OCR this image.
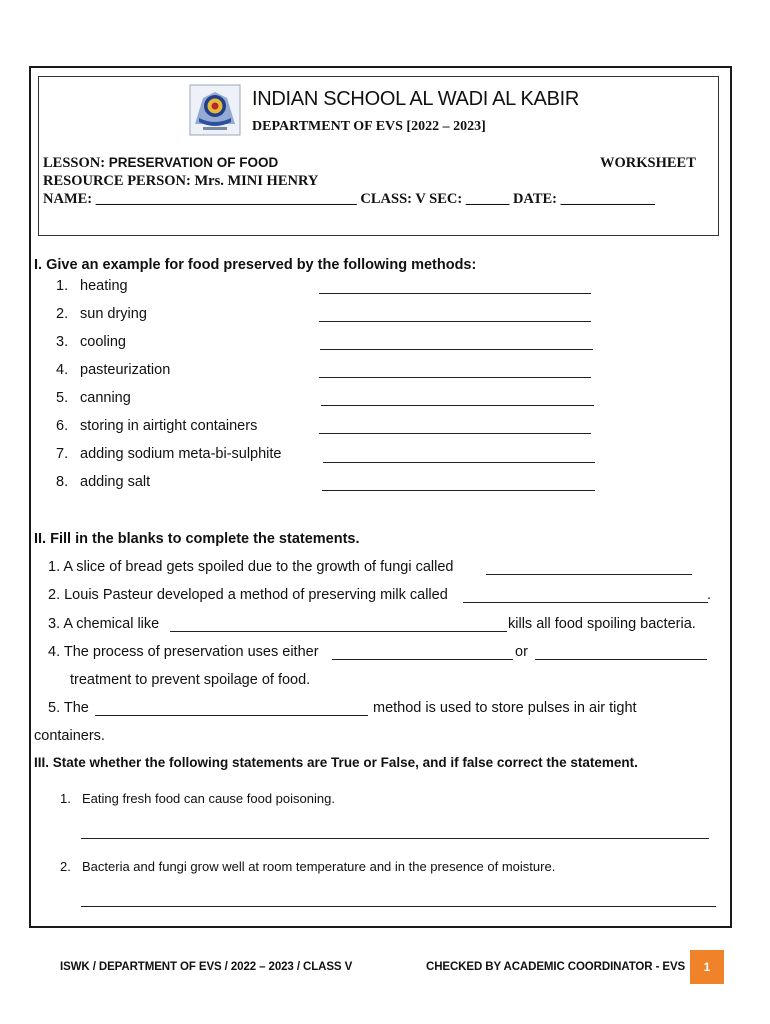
INDIAN SCHOOL AL WADI AL KABIR
DEPARTMENT OF EVS [2022 – 2023]
LESSON: PRESERVATION OF FOOD	WORKSHEET
RESOURCE PERSON: Mrs. MINI HENRY
NAME: ____________________________________ CLASS: V SEC: ______ DATE: _____________
I. Give an example for food preserved by the following methods:
1. heating
2. sun drying
3. cooling
4. pasteurization
5. canning
6. storing in airtight containers
7. adding sodium meta-bi-sulphite
8. adding salt
II. Fill in the blanks to complete the statements.
1. A slice of bread gets spoiled due to the growth of fungi called
2. Louis Pasteur developed a method of preserving milk called	.
3. A chemical like	kills all food spoiling bacteria.
4. The process of preservation uses either	or
treatment to prevent spoilage of food.
5. The	method is used to store pulses in air tight
containers.
III. State whether the following statements are True or False, and if false correct the statement.
1. Eating fresh food can cause food poisoning.
2. Bacteria and fungi grow well at room temperature and in the presence of moisture.
ISWK / DEPARTMENT OF EVS / 2022 – 2023 / CLASS V	CHECKED BY ACADEMIC COORDINATOR - EVS	1
